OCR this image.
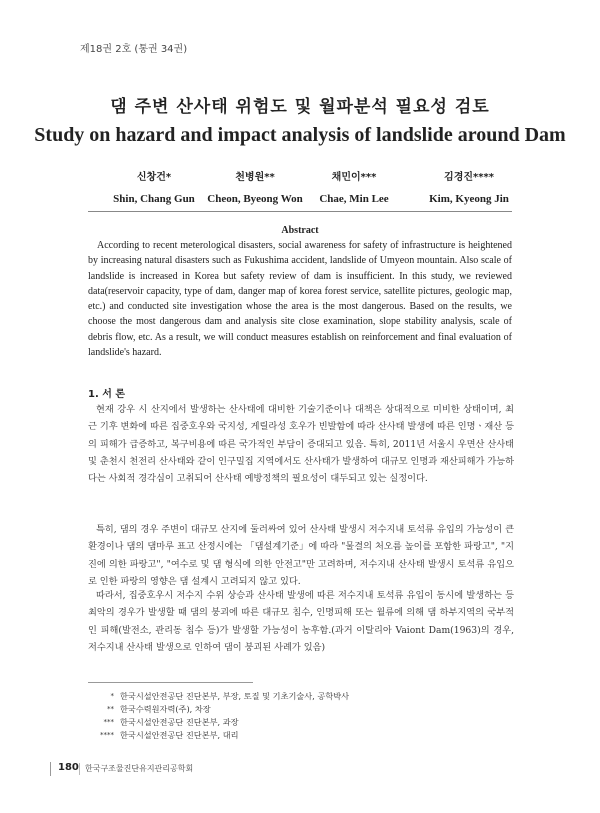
제18권 2호 (통권 34권)
댐 주변 산사태 위험도 및 월파분석 필요성 검토
Study on hazard and impact analysis of landslide around Dam
신창건*
Shin, Chang Gun
천병원**
Cheon, Byeong Won
채민이***
Chae, Min Lee
김경진****
Kim, Kyeong Jin
Abstract

According to recent meterological disasters, social awareness for safety of infrastructure is heightened by increasing natural disasters such as Fukushima accident, landslide of Umyeon mountain. Also scale of landslide is increased in Korea but safety review of dam is insufficient. In this study, we reviewed data(reservoir capacity, type of dam, danger map of korea forest service, satellite pictures, geologic map, etc.) and conducted site investigation whose the area is the most dangerous. Based on the results, we choose the most dangerous dam and analysis site close examination, slope stability analysis, scale of debris flow, etc. As a result, we will conduct measures establish on reinforcement and final evaluation of landslide's hazard.

1. 서 론

현재 강우 시 산지에서 발생하는 산사태에 대비한 기술기준이나 대책은 상대적으로 미비한 상태이며, 최근 기후 변화에 따른 집중호우와 국지성, 게릴라성 호우가 빈발함에 따라 산사태 발생에 따른 인명ㆍ재산 등의 피해가 급증하고, 복구비용에 따른 국가적인 부담이 증대되고 있음. 특히, 2011년 서울시 우면산 산사태 및 춘천시 천전리 산사태와 같이 인구밀집 지역에서도 산사태가 발생하여 대규모 인명과 재산피해가 가능하다는 사회적 경각심이 고취되어 산사태 예방정책의 필요성이 대두되고 있는 실정이다.

특히, 댐의 경우 주변이 대규모 산지에 둘러싸여 있어 산사태 발생시 저수지내 토석류 유입의 가능성이 큰 환경이나 댐의 댐마루 표고 산정시에는 「댐설계기준」에 따라 "물결의 처오름 높이를 포함한 파랑고", "지진에 의한 파랑고", "여수로 및 댐 형식에 의한 안전고"만 고려하며, 저수지내 산사태 발생시 토석류 유입으로 인한 파랑의 영향은 댐 설계시 고려되지 않고 있다.

따라서, 집중호우시 저수지 수위 상승과 산사태 발생에 따른 저수지내 토석류 유입이 동시에 발생하는 등 최악의 경우가 발생할 때 댐의 붕괴에 따른 대규모 침수, 인명피해 또는 월류에 의해 댐 하부지역의 국부적인 피해(발전소, 관리동 침수 등)가 발생할 가능성이 농후함.(과거 이탈리아 Vaiont Dam(1963)의 경우, 저수지내 산사태 발생으로 인하여 댐이 붕괴된 사례가 있음)

* 한국시설안전공단 진단본부, 부장, 토질 및 기초기술사, 공학박사
** 한국수력원자력(주), 차장
*** 한국시설안전공단 진단본부, 과장
**** 한국시설안전공단 진단본부, 대리
180 한국구조물진단유지관리공학회
